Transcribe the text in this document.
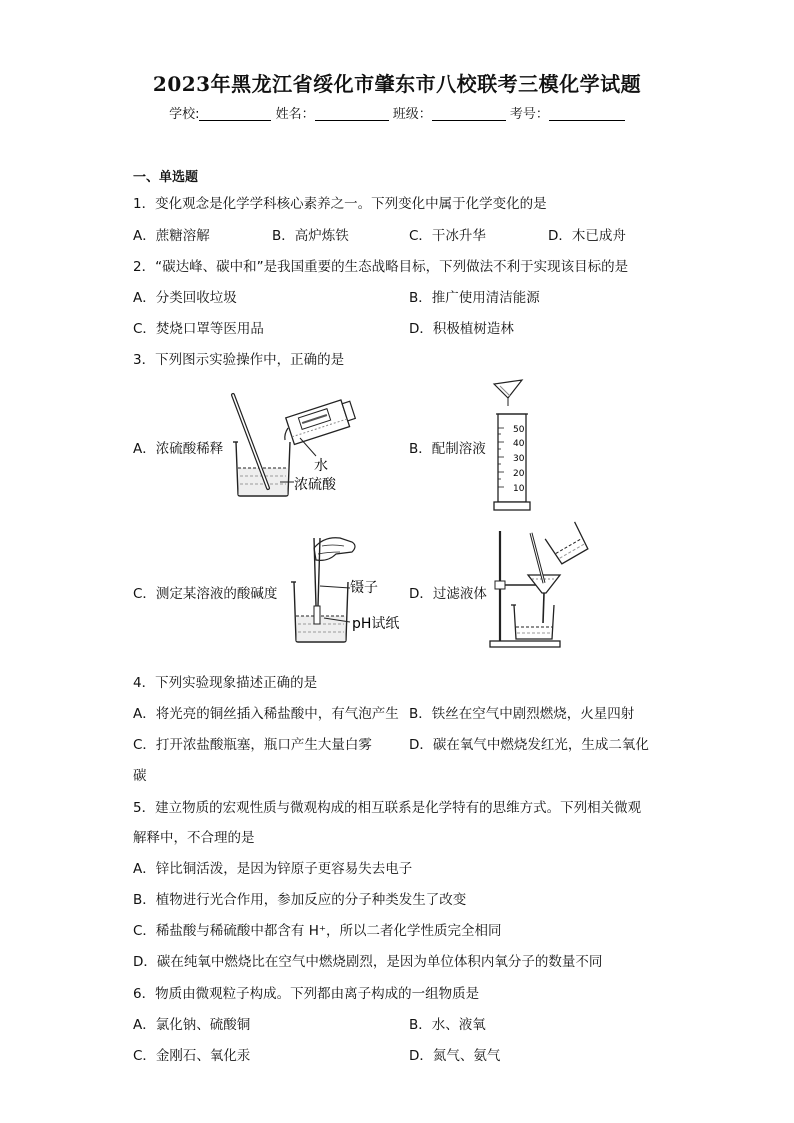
2023年黑龙江省绥化市肇东市八校联考三模化学试题
学校:	姓名：	班级：	考号：
一、单选题
1．变化观念是化学学科核心素养之一。下列变化中属于化学变化的是
A．蔗糖溶解	B．高炉炼铁	C．干冰升华	D．木已成舟
2．“碳达峰、碳中和”是我国重要的生态战略目标，下列做法不利于实现该目标的是
A．分类回收垃圾	B．推广使用清洁能源
C．焚烧口罩等医用品	D．积极植树造林
3．下列图示实验操作中，正确的是
A．浓硫酸稀释	B．配制溶液
C．测定某溶液的酸碱度	D．过滤液体
水
浓硫酸
50
40
30
20
10
镊子
pH试纸
4．下列实验现象描述正确的是
A．将光亮的铜丝插入稀盐酸中，有气泡产生 B．铁丝在空气中剧烈燃烧，火星四射
C．打开浓盐酸瓶塞，瓶口产生大量白雾	D．碳在氧气中燃烧发红光，生成二氧化
碳
5．建立物质的宏观性质与微观构成的相互联系是化学特有的思维方式。下列相关微观
解释中，不合理的是
A．锌比铜活泼，是因为锌原子更容易失去电子
B．植物进行光合作用，参加反应的分子种类发生了改变
C．稀盐酸与稀硫酸中都含有 H⁺，所以二者化学性质完全相同
D．碳在纯氧中燃烧比在空气中燃烧剧烈，是因为单位体积内氧分子的数量不同
6．物质由微观粒子构成。下列都由离子构成的一组物质是
A．氯化钠、硫酸铜	B．水、液氧
C．金刚石、氧化汞	D．氮气、氨气
